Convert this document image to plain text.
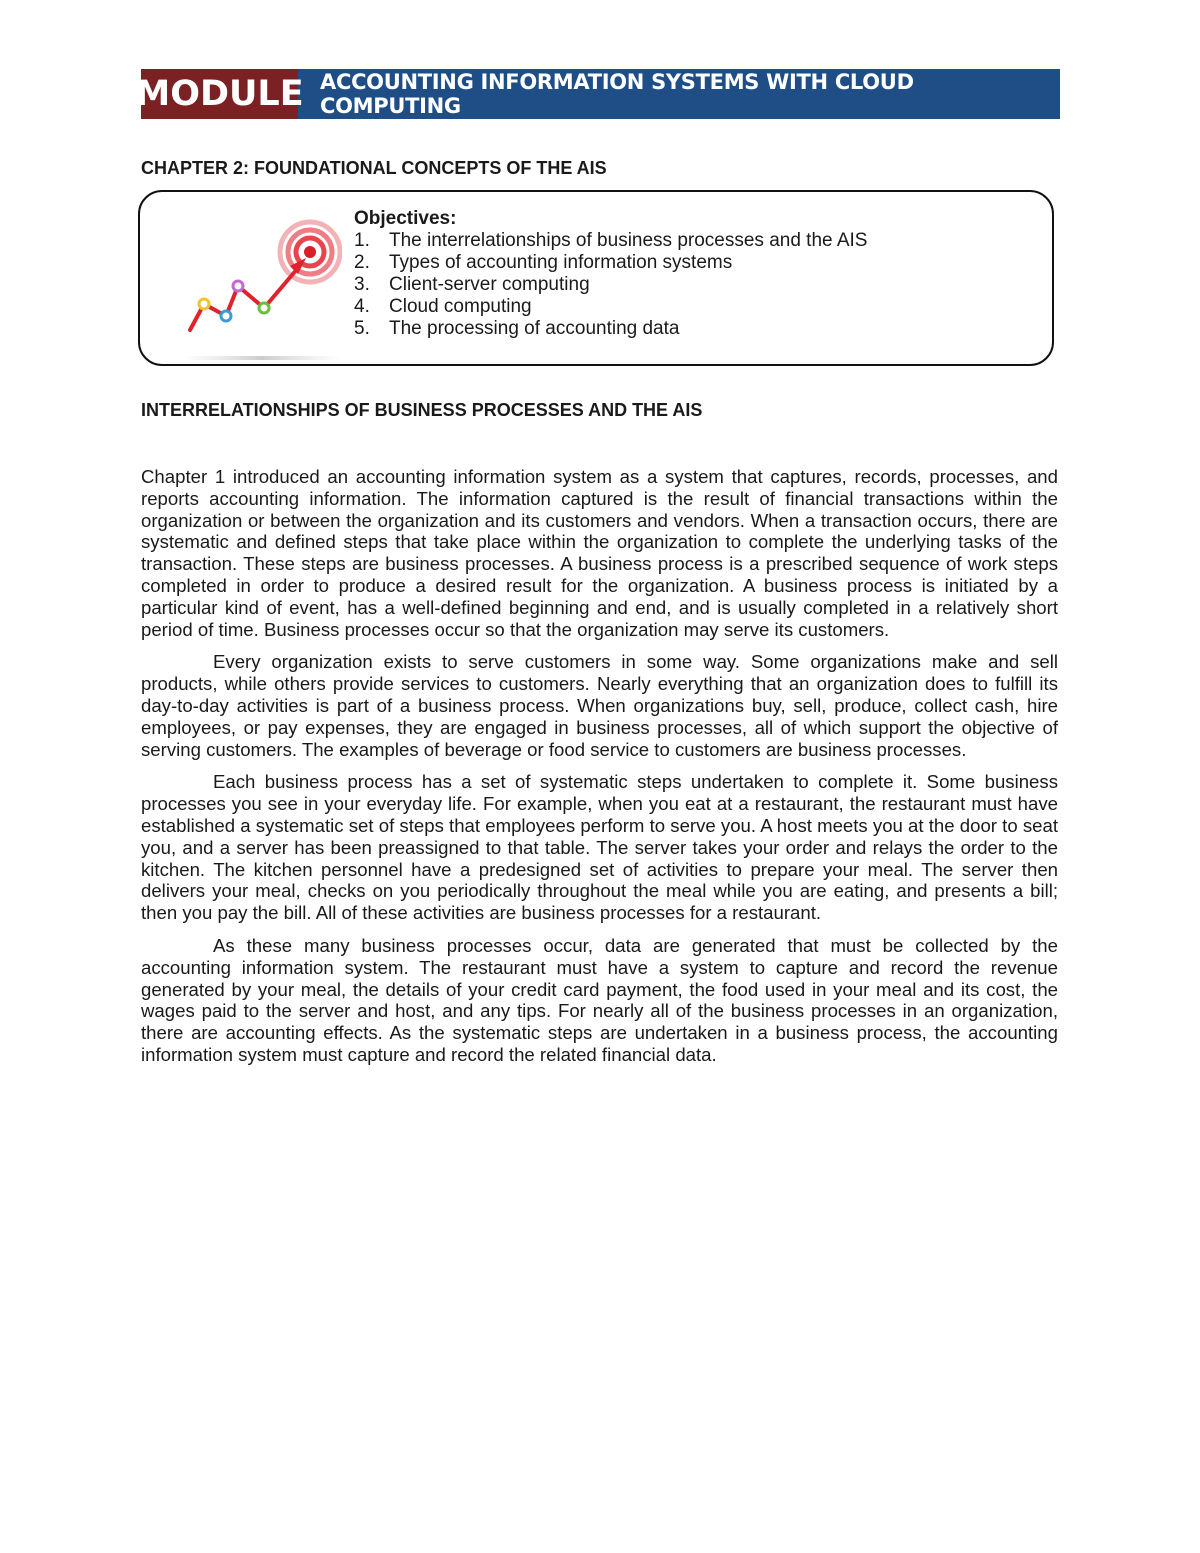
MODULE ACCOUNTING INFORMATION SYSTEMS WITH CLOUD COMPUTING
CHAPTER 2: FOUNDATIONAL CONCEPTS OF THE AIS
Objectives:
1.	The interrelationships of business processes and the AIS
2.	Types of accounting information systems
3.	Client-server computing
4.	Cloud computing
5.	The processing of accounting data
INTERRELATIONSHIPS OF BUSINESS PROCESSES AND THE AIS

Chapter 1 introduced an accounting information system as a system that captures, records, processes, and reports accounting information. The information captured is the result of financial transactions within the organization or between the organization and its customers and vendors. When a transaction occurs, there are systematic and defined steps that take place within the organization to complete the underlying tasks of the transaction. These steps are business processes. A business process is a prescribed sequence of work steps completed in order to produce a desired result for the organization. A business process is initiated by a particular kind of event, has a well-defined beginning and end, and is usually completed in a relatively short period of time. Business processes occur so that the organization may serve its customers.

Every organization exists to serve customers in some way. Some organizations make and sell products, while others provide services to customers. Nearly everything that an organization does to fulfill its day-to-day activities is part of a business process. When organizations buy, sell, produce, collect cash, hire employees, or pay expenses, they are engaged in business processes, all of which support the objective of serving customers. The examples of beverage or food service to customers are business processes.

Each business process has a set of systematic steps undertaken to complete it. Some business processes you see in your everyday life. For example, when you eat at a restaurant, the restaurant must have established a systematic set of steps that employees perform to serve you. A host meets you at the door to seat you, and a server has been preassigned to that table. The server takes your order and relays the order to the kitchen. The kitchen personnel have a predesigned set of activities to prepare your meal. The server then delivers your meal, checks on you periodically throughout the meal while you are eating, and presents a bill; then you pay the bill. All of these activities are business processes for a restaurant.

As these many business processes occur, data are generated that must be collected by the accounting information system. The restaurant must have a system to capture and record the revenue generated by your meal, the details of your credit card payment, the food used in your meal and its cost, the wages paid to the server and host, and any tips. For nearly all of the business processes in an organization, there are accounting effects. As the systematic steps are undertaken in a business process, the accounting information system must capture and record the related financial data.
